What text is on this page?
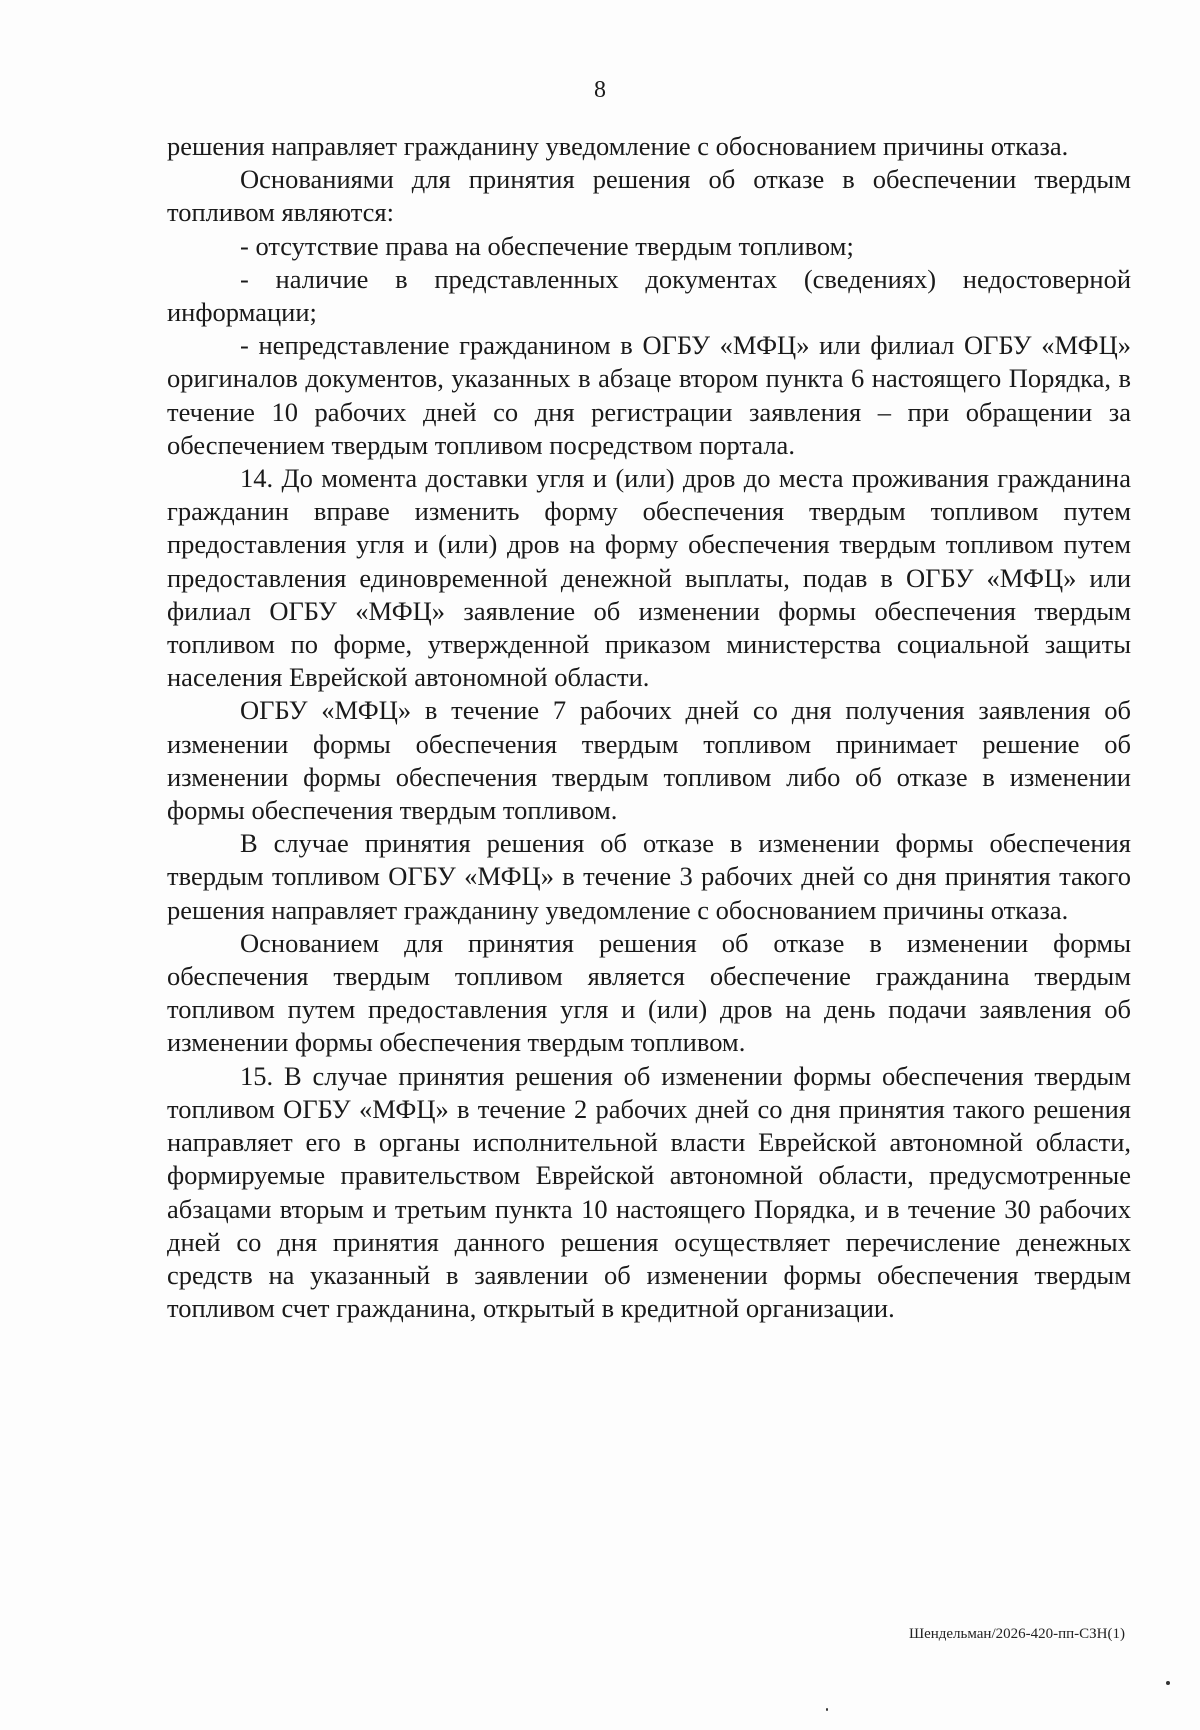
8

решения направляет гражданину уведомление с обоснованием причины отказа.

Основаниями для принятия решения об отказе в обеспечении твердым топливом являются:

- отсутствие права на обеспечение твердым топливом;

- наличие в представленных документах (сведениях) недостоверной информации;

- непредставление гражданином в ОГБУ «МФЦ» или филиал ОГБУ «МФЦ» оригиналов документов, указанных в абзаце втором пункта 6 настоящего Порядка, в течение 10 рабочих дней со дня регистрации заявления – при обращении за обеспечением твердым топливом посредством портала.

14. До момента доставки угля и (или) дров до места проживания гражданина гражданин вправе изменить форму обеспечения твердым топливом путем предоставления угля и (или) дров на форму обеспечения твердым топливом путем предоставления единовременной денежной выплаты, подав в ОГБУ «МФЦ» или филиал ОГБУ «МФЦ» заявление об изменении формы обеспечения твердым топливом по форме, утвержденной приказом министерства социальной защиты населения Еврейской автономной области.

ОГБУ «МФЦ» в течение 7 рабочих дней со дня получения заявления об изменении формы обеспечения твердым топливом принимает решение об изменении формы обеспечения твердым топливом либо об отказе в изменении формы обеспечения твердым топливом.

В случае принятия решения об отказе в изменении формы обеспечения твердым топливом ОГБУ «МФЦ» в течение 3 рабочих дней со дня принятия такого решения направляет гражданину уведомление с обоснованием причины отказа.

Основанием для принятия решения об отказе в изменении формы обеспечения твердым топливом является обеспечение гражданина твердым топливом путем предоставления угля и (или) дров на день подачи заявления об изменении формы обеспечения твердым топливом.

15. В случае принятия решения об изменении формы обеспечения твердым топливом ОГБУ «МФЦ» в течение 2 рабочих дней со дня принятия такого решения направляет его в органы исполнительной власти Еврейской автономной области, формируемые правительством Еврейской автономной области, предусмотренные абзацами вторым и третьим пункта 10 настоящего Порядка, и в течение 30 рабочих дней со дня принятия данного решения осуществляет перечисление денежных средств на указанный в заявлении об изменении формы обеспечения твердым топливом счет гражданина, открытый в кредитной организации.

Шендельман/2026-420-пп-СЗН(1)
